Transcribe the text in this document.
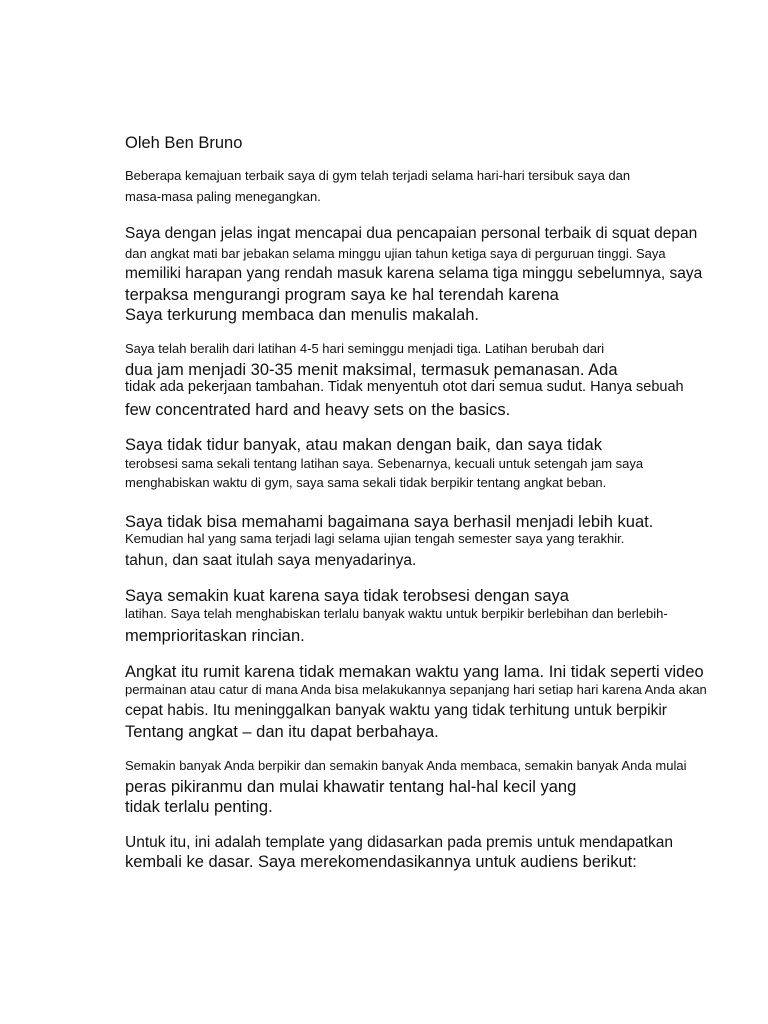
Oleh Ben Bruno
Beberapa kemajuan terbaik saya di gym telah terjadi selama hari-hari tersibuk saya dan
masa-masa paling menegangkan.
Saya dengan jelas ingat mencapai dua pencapaian personal terbaik di squat depan
dan angkat mati bar jebakan selama minggu ujian tahun ketiga saya di perguruan tinggi. Saya
memiliki harapan yang rendah masuk karena selama tiga minggu sebelumnya, saya
terpaksa mengurangi program saya ke hal terendah karena
Saya terkurung membaca dan menulis makalah.
Saya telah beralih dari latihan 4-5 hari seminggu menjadi tiga. Latihan berubah dari
dua jam menjadi 30-35 menit maksimal, termasuk pemanasan. Ada
tidak ada pekerjaan tambahan. Tidak menyentuh otot dari semua sudut. Hanya sebuah
few concentrated hard and heavy sets on the basics.
Saya tidak tidur banyak, atau makan dengan baik, dan saya tidak
terobsesi sama sekali tentang latihan saya. Sebenarnya, kecuali untuk setengah jam saya
menghabiskan waktu di gym, saya sama sekali tidak berpikir tentang angkat beban.
Saya tidak bisa memahami bagaimana saya berhasil menjadi lebih kuat.
Kemudian hal yang sama terjadi lagi selama ujian tengah semester saya yang terakhir.
tahun, dan saat itulah saya menyadarinya.
Saya semakin kuat karena saya tidak terobsesi dengan saya
latihan. Saya telah menghabiskan terlalu banyak waktu untuk berpikir berlebihan dan berlebih-
memprioritaskan rincian.
Angkat itu rumit karena tidak memakan waktu yang lama. Ini tidak seperti video
permainan atau catur di mana Anda bisa melakukannya sepanjang hari setiap hari karena Anda akan
cepat habis. Itu meninggalkan banyak waktu yang tidak terhitung untuk berpikir
Tentang angkat – dan itu dapat berbahaya.
Semakin banyak Anda berpikir dan semakin banyak Anda membaca, semakin banyak Anda mulai
peras pikiranmu dan mulai khawatir tentang hal-hal kecil yang
tidak terlalu penting.
Untuk itu, ini adalah template yang didasarkan pada premis untuk mendapatkan
kembali ke dasar. Saya merekomendasikannya untuk audiens berikut:
